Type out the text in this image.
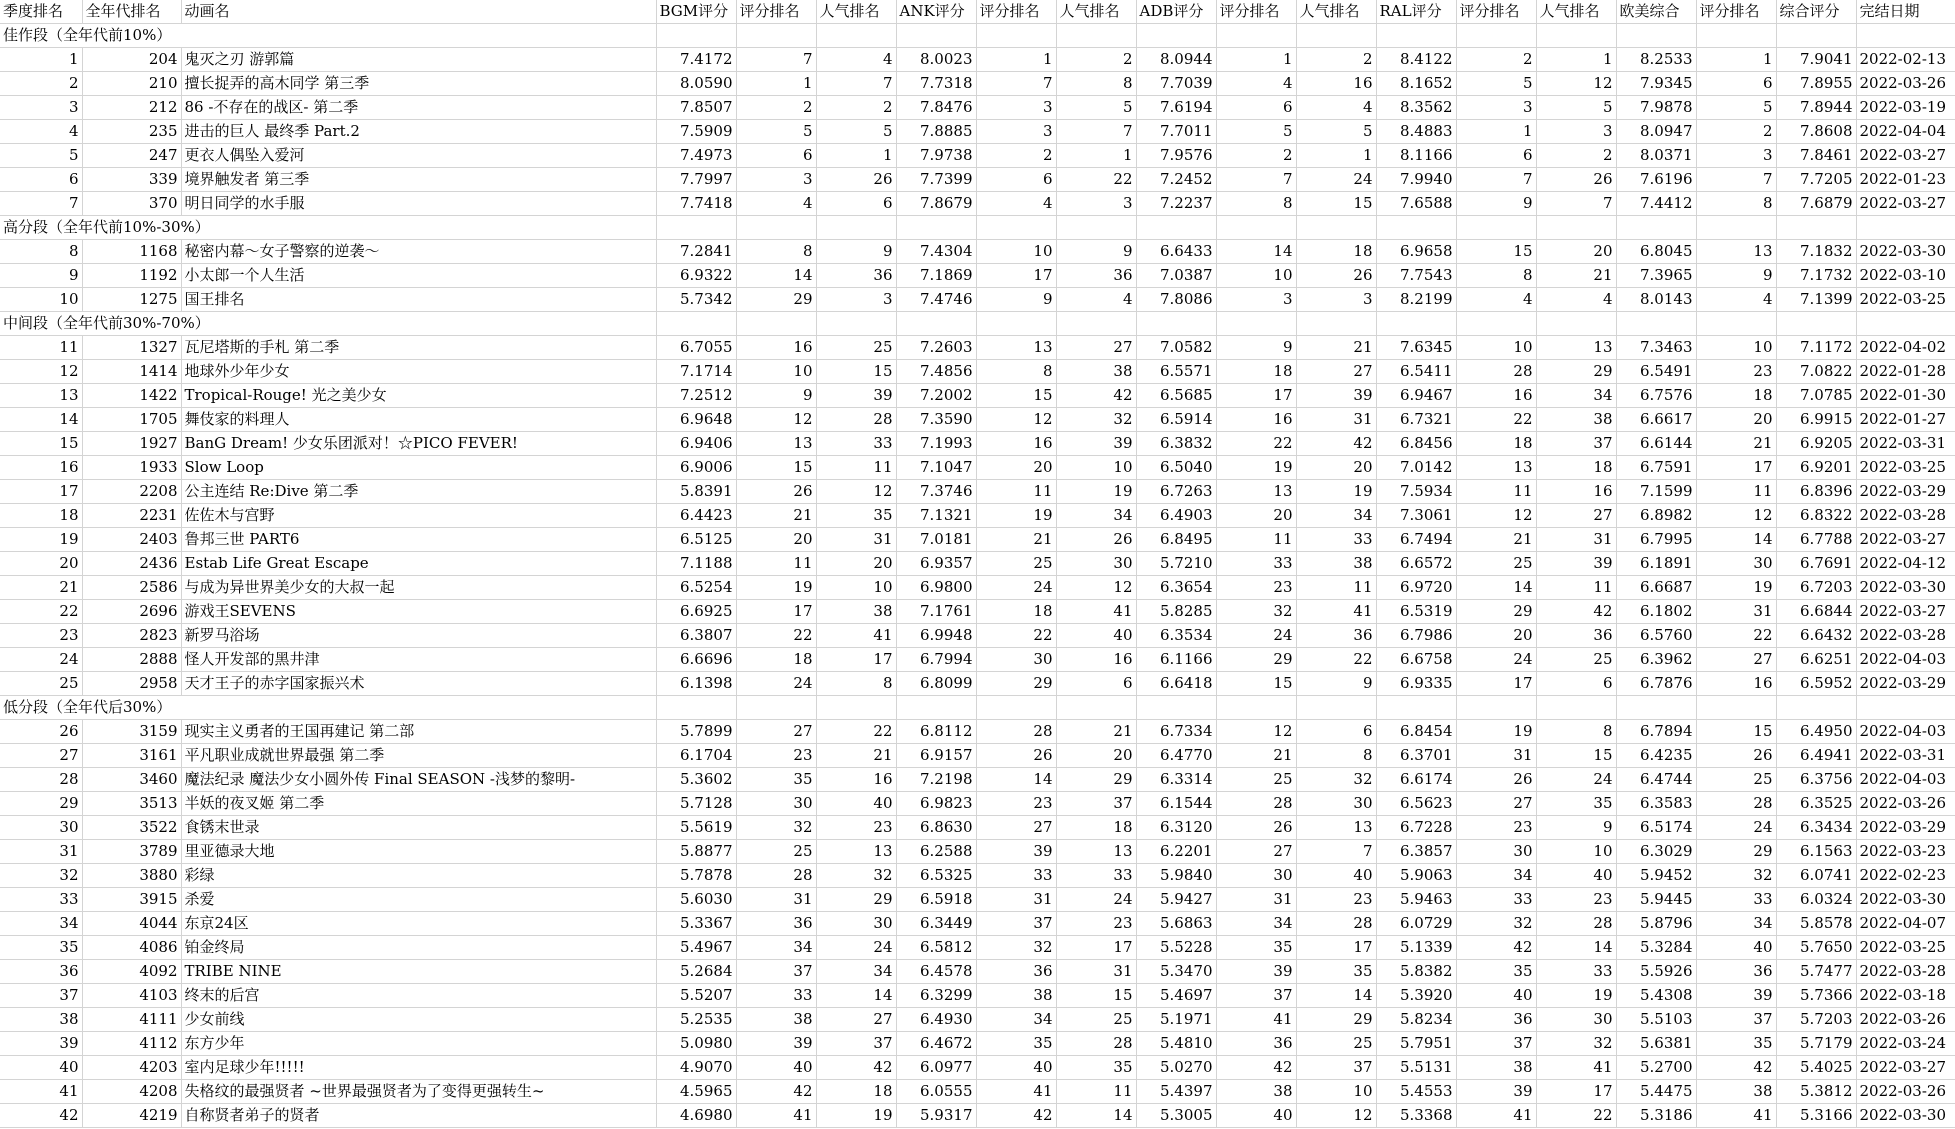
季度排名	全年代排名	动画名	BGM评分	评分排名	人气排名	ANK评分	评分排名	人气排名	ADB评分	评分排名	人气排名	RAL评分	评分排名	人气排名	欧美综合	评分排名	综合评分	完结日期
佳作段（全年代前10%）																		
1	204	鬼灭之刃 游郭篇	7.4172	7	4	8.0023	1	2	8.0944	1	2	8.4122	2	1	8.2533	1	7.9041	2022-02-13
2	210	擅长捉弄的高木同学 第三季	8.0590	1	7	7.7318	7	8	7.7039	4	16	8.1652	5	12	7.9345	6	7.8955	2022-03-26
3	212	86 -不存在的战区- 第二季	7.8507	2	2	7.8476	3	5	7.6194	6	4	8.3562	3	5	7.9878	5	7.8944	2022-03-19
4	235	进击的巨人 最终季 Part.2	7.5909	5	5	7.8885	3	7	7.7011	5	5	8.4883	1	3	8.0947	2	7.8608	2022-04-04
5	247	更衣人偶坠入爱河	7.4973	6	1	7.9738	2	1	7.9576	2	1	8.1166	6	2	8.0371	3	7.8461	2022-03-27
6	339	境界触发者 第三季	7.7997	3	26	7.7399	6	22	7.2452	7	24	7.9940	7	26	7.6196	7	7.7205	2022-01-23
7	370	明日同学的水手服	7.7418	4	6	7.8679	4	3	7.2237	8	15	7.6588	9	7	7.4412	8	7.6879	2022-03-27
高分段（全年代前10%-30%）																		
8	1168	秘密内幕～女子警察的逆袭～	7.2841	8	9	7.4304	10	9	6.6433	14	18	6.9658	15	20	6.8045	13	7.1832	2022-03-30
9	1192	小太郎一个人生活	6.9322	14	36	7.1869	17	36	7.0387	10	26	7.7543	8	21	7.3965	9	7.1732	2022-03-10
10	1275	国王排名	5.7342	29	3	7.4746	9	4	7.8086	3	3	8.2199	4	4	8.0143	4	7.1399	2022-03-25
中间段（全年代前30%-70%）																		
11	1327	瓦尼塔斯的手札 第二季	6.7055	16	25	7.2603	13	27	7.0582	9	21	7.6345	10	13	7.3463	10	7.1172	2022-04-02
12	1414	地球外少年少女	7.1714	10	15	7.4856	8	38	6.5571	18	27	6.5411	28	29	6.5491	23	7.0822	2022-01-28
13	1422	Tropical-Rouge! 光之美少女	7.2512	9	39	7.2002	15	42	6.5685	17	39	6.9467	16	34	6.7576	18	7.0785	2022-01-30
14	1705	舞伎家的料理人	6.9648	12	28	7.3590	12	32	6.5914	16	31	6.7321	22	38	6.6617	20	6.9915	2022-01-27
15	1927	BanG Dream! 少女乐团派对！☆PICO FEVER!	6.9406	13	33	7.1993	16	39	6.3832	22	42	6.8456	18	37	6.6144	21	6.9205	2022-03-31
16	1933	Slow Loop	6.9006	15	11	7.1047	20	10	6.5040	19	20	7.0142	13	18	6.7591	17	6.9201	2022-03-25
17	2208	公主连结 Re:Dive 第二季	5.8391	26	12	7.3746	11	19	6.7263	13	19	7.5934	11	16	7.1599	11	6.8396	2022-03-29
18	2231	佐佐木与宫野	6.4423	21	35	7.1321	19	34	6.4903	20	34	7.3061	12	27	6.8982	12	6.8322	2022-03-28
19	2403	鲁邦三世 PART6	6.5125	20	31	7.0181	21	26	6.8495	11	33	6.7494	21	31	6.7995	14	6.7788	2022-03-27
20	2436	Estab Life Great Escape	7.1188	11	20	6.9357	25	30	5.7210	33	38	6.6572	25	39	6.1891	30	6.7691	2022-04-12
21	2586	与成为异世界美少女的大叔一起	6.5254	19	10	6.9800	24	12	6.3654	23	11	6.9720	14	11	6.6687	19	6.7203	2022-03-30
22	2696	游戏王SEVENS	6.6925	17	38	7.1761	18	41	5.8285	32	41	6.5319	29	42	6.1802	31	6.6844	2022-03-27
23	2823	新罗马浴场	6.3807	22	41	6.9948	22	40	6.3534	24	36	6.7986	20	36	6.5760	22	6.6432	2022-03-28
24	2888	怪人开发部的黑井津	6.6696	18	17	6.7994	30	16	6.1166	29	22	6.6758	24	25	6.3962	27	6.6251	2022-04-03
25	2958	天才王子的赤字国家振兴术	6.1398	24	8	6.8099	29	6	6.6418	15	9	6.9335	17	6	6.7876	16	6.5952	2022-03-29
低分段（全年代后30%）																		
26	3159	现实主义勇者的王国再建记 第二部	5.7899	27	22	6.8112	28	21	6.7334	12	6	6.8454	19	8	6.7894	15	6.4950	2022-04-03
27	3161	平凡职业成就世界最强 第二季	6.1704	23	21	6.9157	26	20	6.4770	21	8	6.3701	31	15	6.4235	26	6.4941	2022-03-31
28	3460	魔法纪录 魔法少女小圆外传 Final SEASON -浅梦的黎明-	5.3602	35	16	7.2198	14	29	6.3314	25	32	6.6174	26	24	6.4744	25	6.3756	2022-04-03
29	3513	半妖的夜叉姬 第二季	5.7128	30	40	6.9823	23	37	6.1544	28	30	6.5623	27	35	6.3583	28	6.3525	2022-03-26
30	3522	食锈末世录	5.5619	32	23	6.8630	27	18	6.3120	26	13	6.7228	23	9	6.5174	24	6.3434	2022-03-29
31	3789	里亚德录大地	5.8877	25	13	6.2588	39	13	6.2201	27	7	6.3857	30	10	6.3029	29	6.1563	2022-03-23
32	3880	彩绿	5.7878	28	32	6.5325	33	33	5.9840	30	40	5.9063	34	40	5.9452	32	6.0741	2022-02-23
33	3915	杀爱	5.6030	31	29	6.5918	31	24	5.9427	31	23	5.9463	33	23	5.9445	33	6.0324	2022-03-30
34	4044	东京24区	5.3367	36	30	6.3449	37	23	5.6863	34	28	6.0729	32	28	5.8796	34	5.8578	2022-04-07
35	4086	铂金终局	5.4967	34	24	6.5812	32	17	5.5228	35	17	5.1339	42	14	5.3284	40	5.7650	2022-03-25
36	4092	TRIBE NINE	5.2684	37	34	6.4578	36	31	5.3470	39	35	5.8382	35	33	5.5926	36	5.7477	2022-03-28
37	4103	终末的后宫	5.5207	33	14	6.3299	38	15	5.4697	37	14	5.3920	40	19	5.4308	39	5.7366	2022-03-18
38	4111	少女前线	5.2535	38	27	6.4930	34	25	5.1971	41	29	5.8234	36	30	5.5103	37	5.7203	2022-03-26
39	4112	东方少年	5.0980	39	37	6.4672	35	28	5.4810	36	25	5.7951	37	32	5.6381	35	5.7179	2022-03-24
40	4203	室内足球少年!!!!!	4.9070	40	42	6.0977	40	35	5.0270	42	37	5.5131	38	41	5.2700	42	5.4025	2022-03-27
41	4208	失格纹的最强贤者 ~世界最强贤者为了变得更强转生~	4.5965	42	18	6.0555	41	11	5.4397	38	10	5.4553	39	17	5.4475	38	5.3812	2022-03-26
42	4219	自称贤者弟子的贤者	4.6980	41	19	5.9317	42	14	5.3005	40	12	5.3368	41	22	5.3186	41	5.3166	2022-03-30
